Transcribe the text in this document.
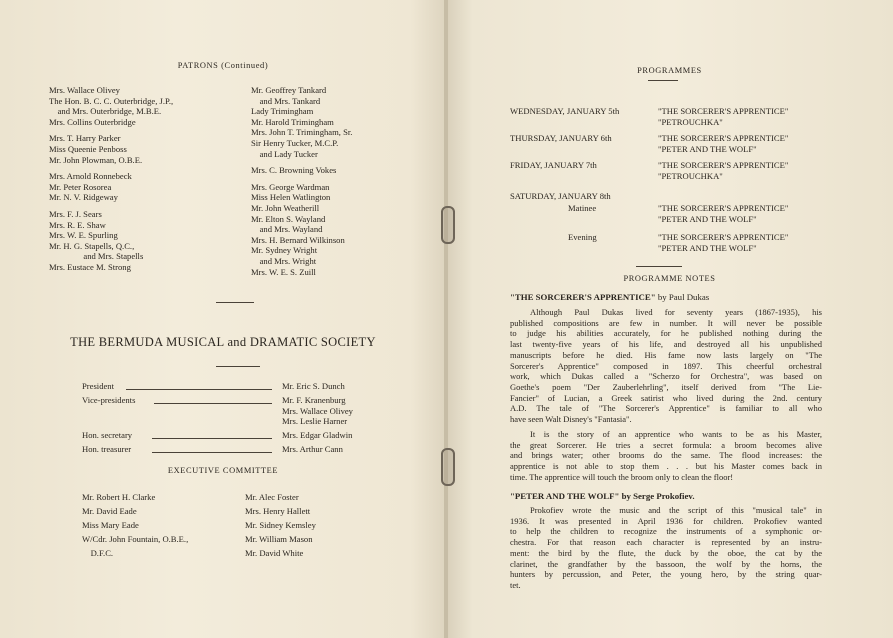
PATRONS (Continued)
Mrs. Wallace Olivey
The Hon. B. C. C. Outerbridge, J.P.,
and Mrs. Outerbridge, M.B.E.
Mrs. Collins Outerbridge
Mrs. T. Harry Parker
Miss Queenie Penboss
Mr. John Plowman, O.B.E.
Mrs. Arnold Ronnebeck
Mr. Peter Rosorea
Mr. N. V. Ridgeway
Mrs. F. J. Sears
Mrs. R. E. Shaw
Mrs. W. E. Spurling
Mr. H. G. Stapells, Q.C.,
and Mrs. Stapells
Mrs. Eustace M. Strong
Mr. Geoffrey Tankard
and Mrs. Tankard
Lady Trimingham
Mr. Harold Trimingham
Mrs. John T. Trimingham, Sr.
Sir Henry Tucker, M.C.P.
and Lady Tucker
Mrs. C. Browning Vokes
Mrs. George Wardman
Miss Helen Watlington
Mr. John Weatherill
Mr. Elton S. Wayland
and Mrs. Wayland
Mrs. H. Bernard Wilkinson
Mr. Sydney Wright
and Mrs. Wright
Mrs. W. E. S. Zuill
THE BERMUDA MUSICAL and DRAMATIC SOCIETY
President	Mr. Eric S. Dunch
Vice-presidents	Mr. F. Kranenburg
Mrs. Wallace Olivey
Mrs. Leslie Harner
Hon. secretary	Mrs. Edgar Gladwin
Hon. treasurer	Mrs. Arthur Cann
EXECUTIVE COMMITTEE
Mr. Robert H. Clarke
Mr. David Eade
Miss Mary Eade
W/Cdr. John Fountain, O.B.E.,
D.F.C.
Mr. Alec Foster
Mrs. Henry Hallett
Mr. Sidney Kemsley
Mr. William Mason
Mr. David White
PROGRAMMES
WEDNESDAY, JANUARY 5th	"THE SORCERER'S APPRENTICE"
"PETROUCHKA"
THURSDAY, JANUARY 6th	"THE SORCERER'S APPRENTICE"
"PETER AND THE WOLF"
FRIDAY, JANUARY 7th	"THE SORCERER'S APPRENTICE"
"PETROUCHKA"
SATURDAY, JANUARY 8th
Matinee	"THE SORCERER'S APPRENTICE"
"PETER AND THE WOLF"
Evening	"THE SORCERER'S APPRENTICE"
"PETER AND THE WOLF"
PROGRAMME NOTES
"THE SORCERER'S APPRENTICE" by Paul Dukas
Although Paul Dukas lived for seventy years (1867-1935), his
published compositions are few in number. It will never be possible
to judge his abilities accurately, for he published nothing during the
last twenty-five years of his life, and destroyed all his unpublished
manuscripts before he died. His fame now lasts largely on "The
Sorcerer's Apprentice" composed in 1897. This cheerful orchestral
work, which Dukas called a "Scherzo for Orchestra", was based on
Goethe's poem "Der Zauberlehrling", itself derived from "The Lie-
Fancier" of Lucian, a Greek satirist who lived during the 2nd. century
A.D. The tale of "The Sorcerer's Apprentice" is familiar to all who
have seen Walt Disney's "Fantasia".
It is the story of an apprentice who wants to be as his Master,
the great Sorcerer. He tries a secret formula: a broom becomes alive
and brings water; other brooms do the same. The flood increases: the
apprentice is not able to stop them . . . but his Master comes back in
time. The apprentice will touch the broom only to clean the floor!
"PETER AND THE WOLF" by Serge Prokofiev.
Prokofiev wrote the music and the script of this "musical tale" in
1936. It was presented in April 1936 for children. Prokofiev wanted
to help the children to recognize the instruments of a symphonic or-
chestra. For that reason each character is represented by an instru-
ment: the bird by the flute, the duck by the oboe, the cat by the
clarinet, the grandfather by the bassoon, the wolf by the horns, the
hunters by percussion, and Peter, the young hero, by the string quar-
tet.
